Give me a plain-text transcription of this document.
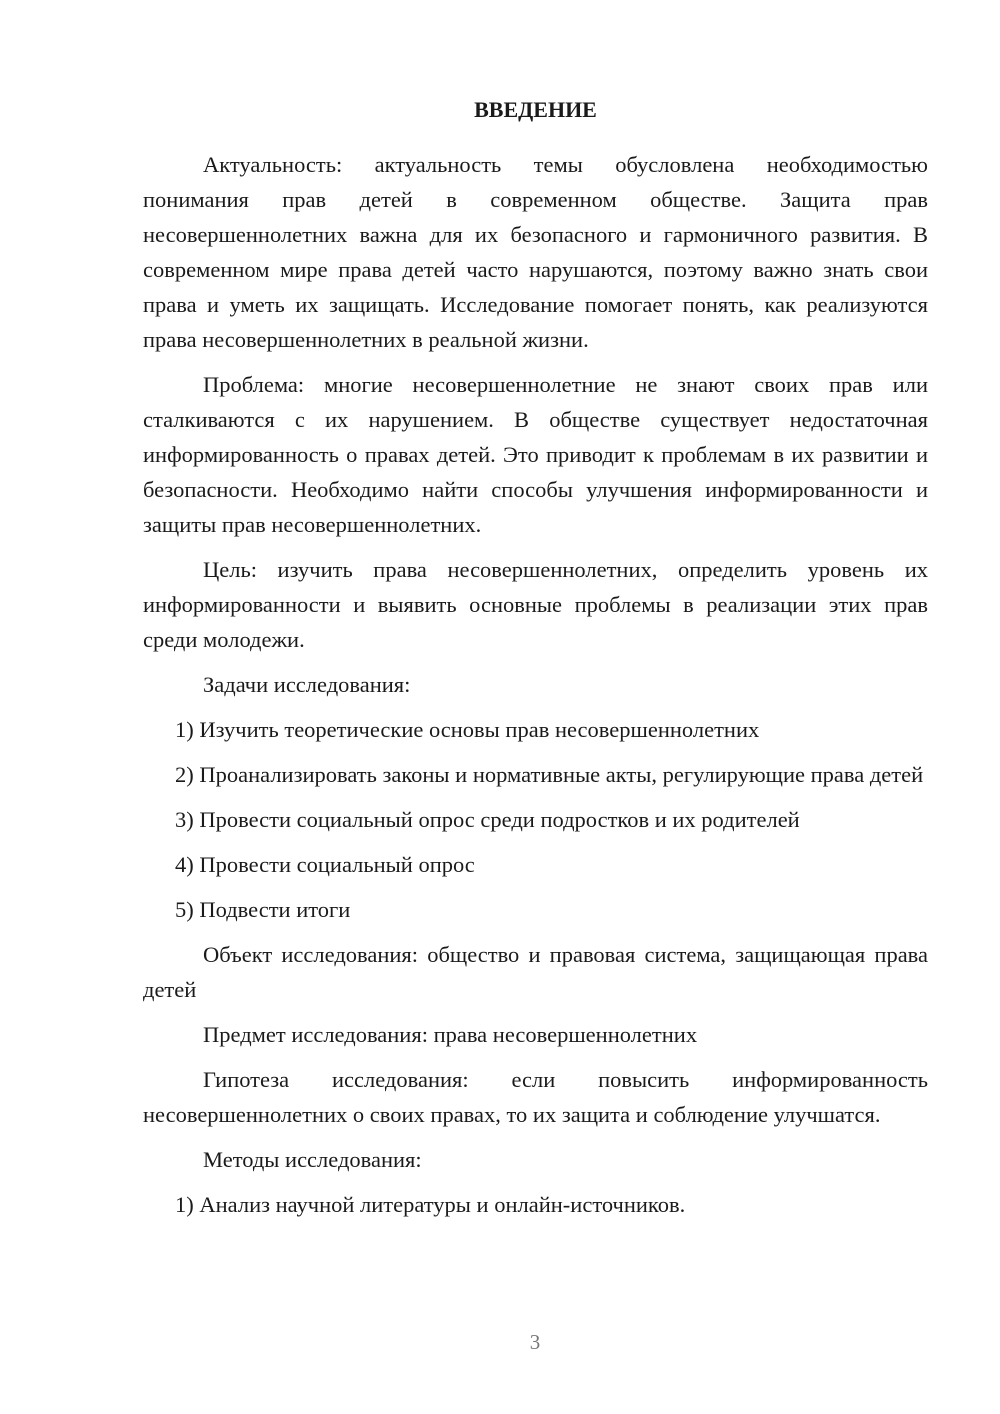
ВВЕДЕНИЕ

Актуальность: актуальность темы обусловлена необходимостью понимания прав детей в современном обществе. Защита прав несовершеннолетних важна для их безопасного и гармоничного развития. В современном мире права детей часто нарушаются, поэтому важно знать свои права и уметь их защищать. Исследование помогает понять, как реализуются права несовершеннолетних в реальной жизни.

Проблема: многие несовершеннолетние не знают своих прав или сталкиваются с их нарушением. В обществе существует недостаточная информированность о правах детей. Это приводит к проблемам в их развитии и безопасности. Необходимо найти способы улучшения информированности и защиты прав несовершеннолетних.

Цель: изучить права несовершеннолетних, определить уровень их информированности и выявить основные проблемы в реализации этих прав среди молодежи.

Задачи исследования:

1) Изучить теоретические основы прав несовершеннолетних

2) Проанализировать законы и нормативные акты, регулирующие права детей

3) Провести социальный опрос среди подростков и их родителей

4) Провести социальный опрос

5) Подвести итоги

Объект исследования: общество и правовая система, защищающая права детей

Предмет исследования: права несовершеннолетних

Гипотеза исследования: если повысить информированность несовершеннолетних о своих правах, то их защита и соблюдение улучшатся.

Методы исследования:

1) Анализ научной литературы и онлайн-источников.

3
